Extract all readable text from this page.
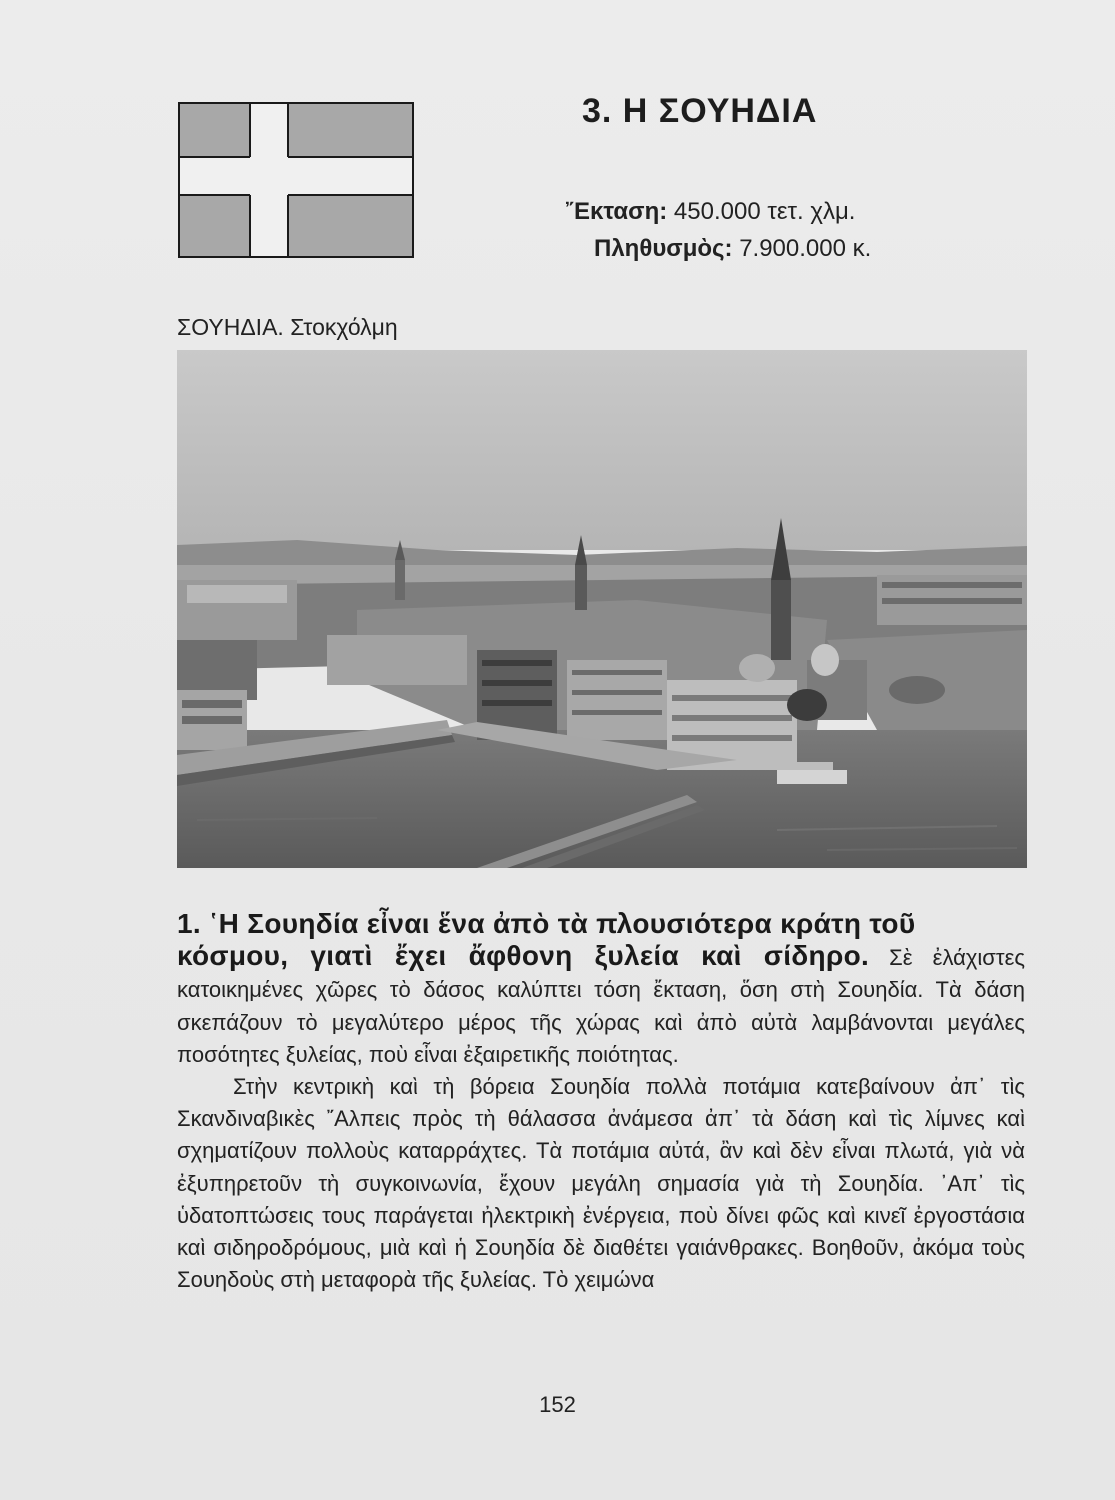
3. Η ΣΟΥΗΔΙΑ
῎Εκταση: 450.000 τετ. χλμ.
Πληθυσμὸς: 7.900.000 κ.
ΣΟΥΗΔΙΑ. Στοκχόλμη

1. ῾Η Σουηδία εἶναι ἕνα ἀπὸ τὰ πλουσιότερα κράτη τοῦ

κόσμου, γιατὶ ἔχει ἄφθονη ξυλεία καὶ σίδηρο. Σὲ ἐλάχιστες κατοικημένες χῶρες τὸ δάσος καλύπτει τόση ἔκταση, ὅση στὴ Σουηδία. Τὰ δάση σκεπάζουν τὸ μεγαλύτερο μέρος τῆς χώρας καὶ ἀπὸ αὐτὰ λαμβάνονται μεγάλες ποσότητες ξυλείας, ποὺ εἶναι ἐξαιρετικῆς ποιότητας.

Στὴν κεντρικὴ καὶ τὴ βόρεια Σουηδία πολλὰ ποτάμια κατεβαίνουν ἀπ᾽ τὶς Σκανδιναβικὲς ῎Αλπεις πρὸς τὴ θάλασσα ἀνάμεσα ἀπ᾽ τὰ δάση καὶ τὶς λίμνες καὶ σχηματίζουν πολλοὺς καταρράχτες. Τὰ ποτάμια αὐτά, ἂν καὶ δὲν εἶναι πλωτά, γιὰ νὰ ἐξυπηρετοῦν τὴ συγκοινωνία, ἔχουν μεγάλη σημασία γιὰ τὴ Σουηδία. ᾽Απ᾽ τὶς ὑδατοπτώσεις τους παράγεται ἠλεκτρικὴ ἐνέργεια, ποὺ δίνει φῶς καὶ κινεῖ ἐργοστάσια καὶ σιδηροδρόμους, μιὰ καὶ ἡ Σουηδία δὲ διαθέτει γαιάνθρακες. Βοηθοῦν, ἀκόμα τοὺς Σουηδοὺς στὴ μεταφορὰ τῆς ξυλείας. Τὸ χειμώνα

152
